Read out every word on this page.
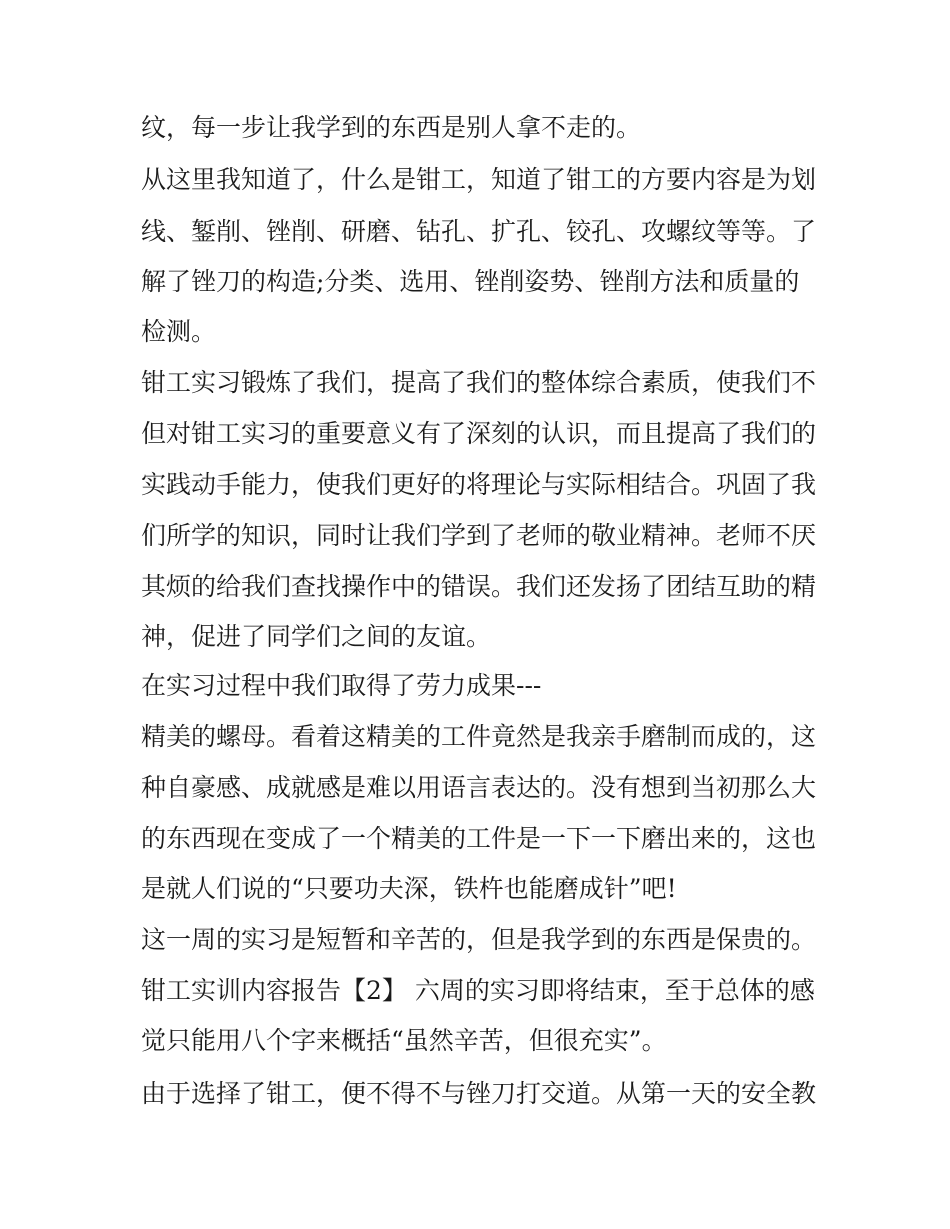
纹，每一步让我学到的东西是别人拿不走的。
从这里我知道了，什么是钳工，知道了钳工的方要内容是为划
线、錾削、锉削、研磨、钻孔、扩孔、铰孔、攻螺纹等等。了
解了锉刀的构造;分类、选用、锉削姿势、锉削方法和质量的
检测。
钳工实习锻炼了我们，提高了我们的整体综合素质，使我们不
但对钳工实习的重要意义有了深刻的认识，而且提高了我们的
实践动手能力，使我们更好的将理论与实际相结合。巩固了我
们所学的知识，同时让我们学到了老师的敬业精神。老师不厌
其烦的给我们查找操作中的错误。我们还发扬了团结互助的精
神，促进了同学们之间的友谊。
在实习过程中我们取得了劳力成果---
精美的螺母。看着这精美的工件竟然是我亲手磨制而成的，这
种自豪感、成就感是难以用语言表达的。没有想到当初那么大
的东西现在变成了一个精美的工件是一下一下磨出来的，这也
是就人们说的“只要功夫深，铁杵也能磨成针”吧!
这一周的实习是短暂和辛苦的，但是我学到的东西是保贵的。
钳工实训内容报告【2】 六周的实习即将结束，至于总体的感
觉只能用八个字来概括“虽然辛苦，但很充实”。
由于选择了钳工，便不得不与锉刀打交道。从第一天的安全教
